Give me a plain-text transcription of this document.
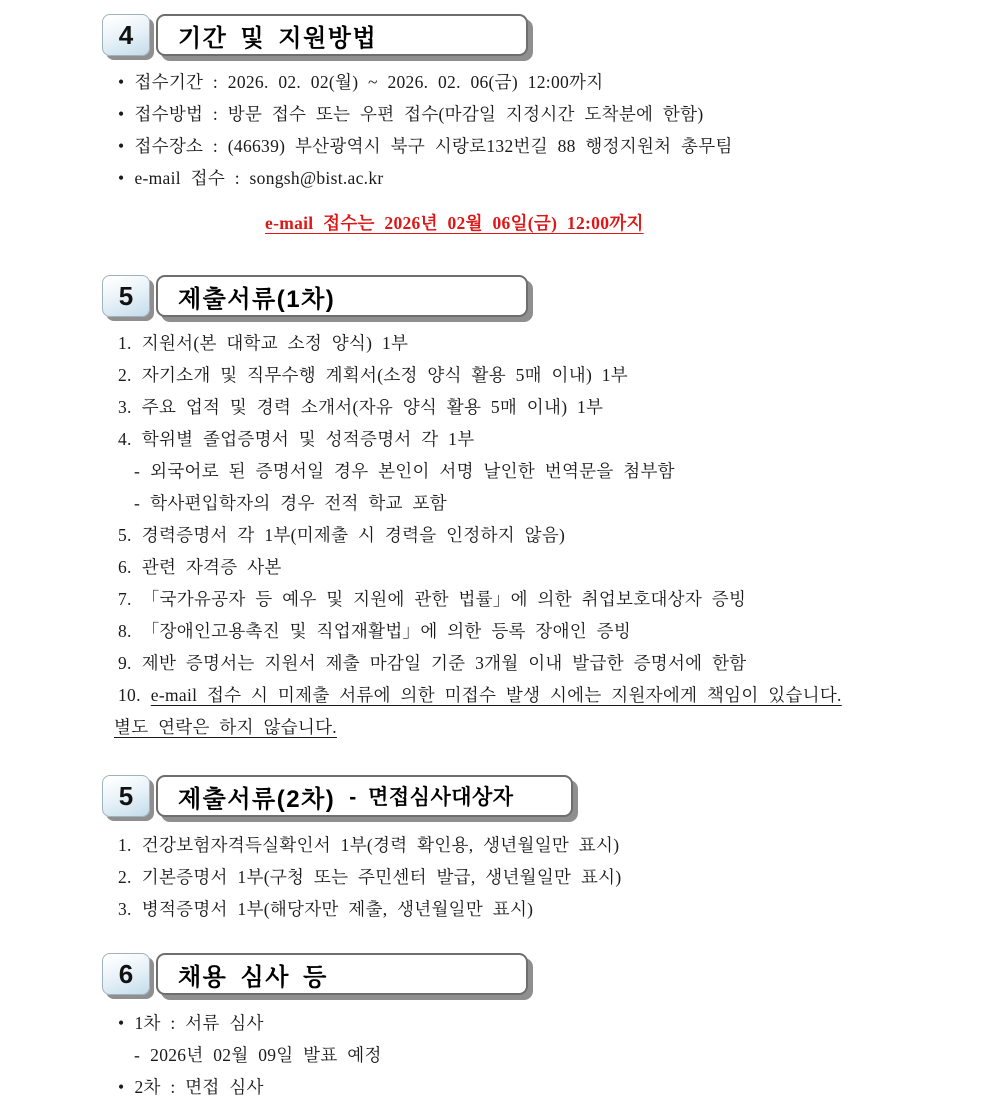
4 기간 및 지원방법
• 접수기간 : 2026. 02. 02(월) ~ 2026. 02. 06(금) 12:00까지
• 접수방법 : 방문 접수 또는 우편 접수(마감일 지정시간 도착분에 한함)
• 접수장소 : (46639) 부산광역시 북구 시랑로132번길 88 행정지원처 총무팀
• e-mail 접수 : songsh@bist.ac.kr
e-mail 접수는 2026년 02월 06일(금) 12:00까지
5 제출서류(1차)
1. 지원서(본 대학교 소정 양식) 1부
2. 자기소개 및 직무수행 계획서(소정 양식 활용 5매 이내) 1부
3. 주요 업적 및 경력 소개서(자유 양식 활용 5매 이내) 1부
4. 학위별 졸업증명서 및 성적증명서 각 1부
- 외국어로 된 증명서일 경우 본인이 서명 날인한 번역문을 첨부함
- 학사편입학자의 경우 전적 학교 포함
5. 경력증명서 각 1부(미제출 시 경력을 인정하지 않음)
6. 관련 자격증 사본
7. 「국가유공자 등 예우 및 지원에 관한 법률」에 의한 취업보호대상자 증빙
8. 「장애인고용촉진 및 직업재활법」에 의한 등록 장애인 증빙
9. 제반 증명서는 지원서 제출 마감일 기준 3개월 이내 발급한 증명서에 한함
10. e-mail 접수 시 미제출 서류에 의한 미접수 발생 시에는 지원자에게 책임이 있습니다.
별도 연락은 하지 않습니다.
5 제출서류(2차) - 면접심사대상자
1. 건강보험자격득실확인서 1부(경력 확인용, 생년월일만 표시)
2. 기본증명서 1부(구청 또는 주민센터 발급, 생년월일만 표시)
3. 병적증명서 1부(해당자만 제출, 생년월일만 표시)
6 채용 심사 등
• 1차 : 서류 심사
- 2026년 02월 09일 발표 예정
• 2차 : 면접 심사
